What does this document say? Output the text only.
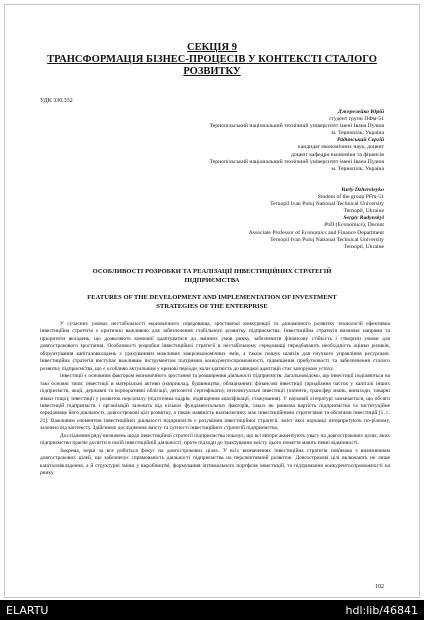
СЕКЦІЯ 9

ТРАНСФОРМАЦІЯ БІЗНЕС-ПРОЦЕСІВ У КОНТЕКСТІ СТАЛОГО

РОЗВИТКУ

УДК 330.332

Джерелейко Юрій
студент групи ПФм-51
Тернопільський національний технічний університет імені Івана Пулюя
м. Тернопіль, Україна
Радинський Сергій
кандидат економічних наук, доцент
доцент кафедри економіки та фінансів
Тернопільський національний технічний університет імені Івана Пулюя
м. Тернопіль, Україна
Yuriy Dzhereleyko
Student of the group PFm-51
Ternopil Ivan Puluj National Technical University
Ternopil, Ukraine
Sergiy Radynskyi
PhD (Economics), Docent
Associate Professor of Economics and Finance Department
Ternopil Ivan Puluj National Technical University
Ternopil, Ukraine

ОСОБЛИВОСТІ РОЗРОБКИ ТА РЕАЛІЗАЦІЇ ІНВЕСТИЦІЙНИХ СТРАТЕГІЙ

ПІДПРИЄМСТВА

FEATURES OF THE DEVELOPMENT AND IMPLEMENTATION OF INVESTMENT

STRATEGIES OF THE ENTERPRISE

У сучасних умовах нестабільності економічного середовища, зростаючої конкуренції та динамічного розвитку технологій ефективна інвестиційна стратегія є критично важливою для забезпечення стабільного розвитку підприємства. Інвестиційна стратегія визначає напрями та пріоритети вкладень, що дозволяють компанії адаптуватися до змінних умов ринку, забезпечити фінансову стійкість і створити умови для довгострокового зростання. Особливості розробки інвестиційної стратегії в нестабільному середовищі передбачають необхідність оцінки ризиків, обґрунтування капіталовкладень з урахуванням можливих макроекономічних змін, а також пошук шляхів для гнучкого управління ресурсами. Інвестиційна стратегія виступає важливим інструментом підтримки конкурентоспроможності, підвищення прибутковості та забезпечення сталого розвитку підприємства, що є особливо актуальним у кризові періоди, коли здатність до швидкої адаптації стає запорукою успіху.

Інвестиції є основним фактором економічного зростання та розширення діяльності підприємств. Загальновідомо, що інвестиції поділяються на такі основні типи: інвестиції в матеріальні активи (наприклад, будівництво, обладнання); фінансові інвестиції (придбання часток у капіталі інших підприємств, акції, державні та корпоративні облігації, депозитні сертифікати); інтелектуальні інвестиції (патенти, трансфер знань, винаходи, товарні знаки тощо); інвестиції у розвиток персоналу (підготовка кадрів, підвищення кваліфікації, стажування). У науковій літературі зазначається, що обсяги інвестицій підприємств і організацій залежать від кількох фундаментальних факторів, таких як ринкова вартість підприємства та інституційне середовище його діяльності, довгострокові цілі розвитку, а також наявність взаємозв'язку між інвестиційними стратегіями та обсягами інвестицій [1, с. 21]. Важливим елементом інвестиційної діяльності підприємств є розуміння інвестиційної стратегії, зміст якої науковці інтерпретують по-різному, залежно від контексту. Здійснимо дослідження змісту та сутності інвестиційних стратегій підприємства.

Дослідження ряду визначень щодо інвестиційної стратегії підприємства показує, що всі автори акцентують увагу на довгострокових цілях, яких підприємство прагне досягти в своїй інвестиційній діяльності, проте підходи до трактування змісту цього поняття мають певні відмінності.

Зокрема, перш за все робиться фокус на довгострокових цілях. У всіх визначеннях інвестиційна стратегія пов'язана з визначенням довгострокових цілей, що забезпечує спрямованість діяльності підприємства на перспективний розвиток. Довгострокові цілі включають не лише капіталовкладення, а й структурні зміни у виробництві, формування оптимального портфеля інвестицій, та підтримання конкурентоспроможності на ринку.

102

ELARTU	hdl:lib/46841
